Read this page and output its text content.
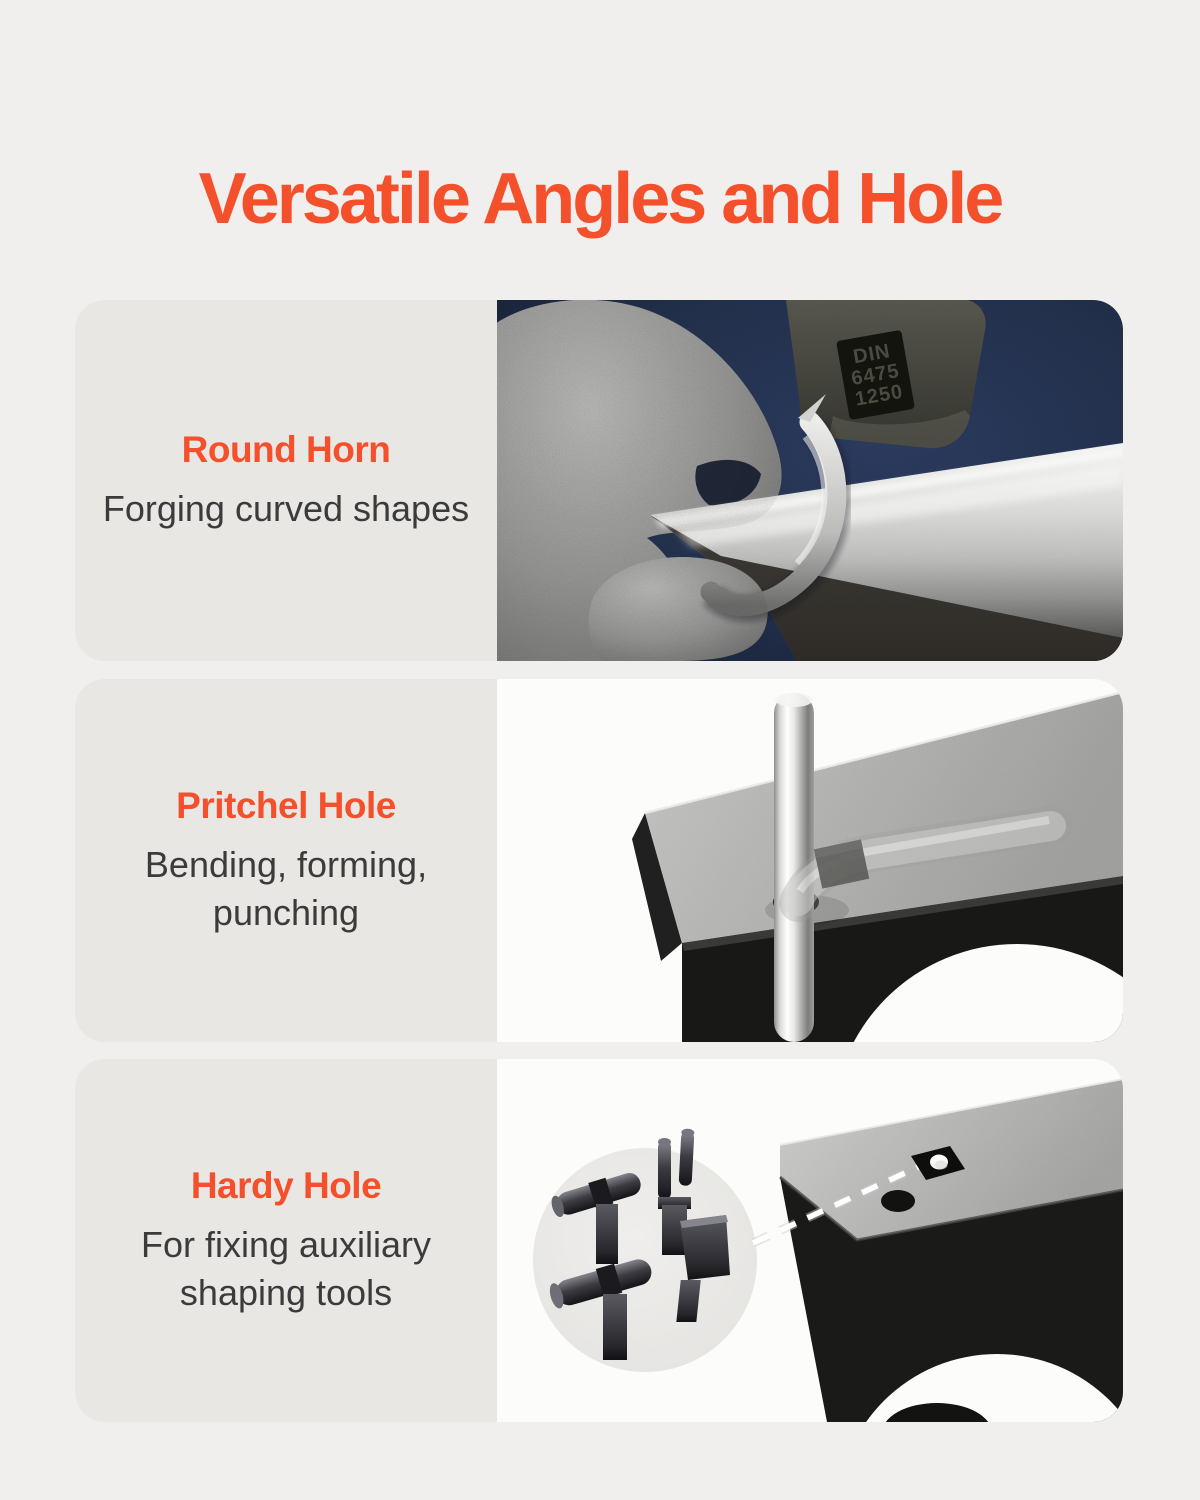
Versatile Angles and Hole
Round Horn

Forging curved shapes

DIN
6475
1250
Pritchel Hole

Bending, forming,
punching

Hardy Hole

For fixing auxiliary
shaping tools
